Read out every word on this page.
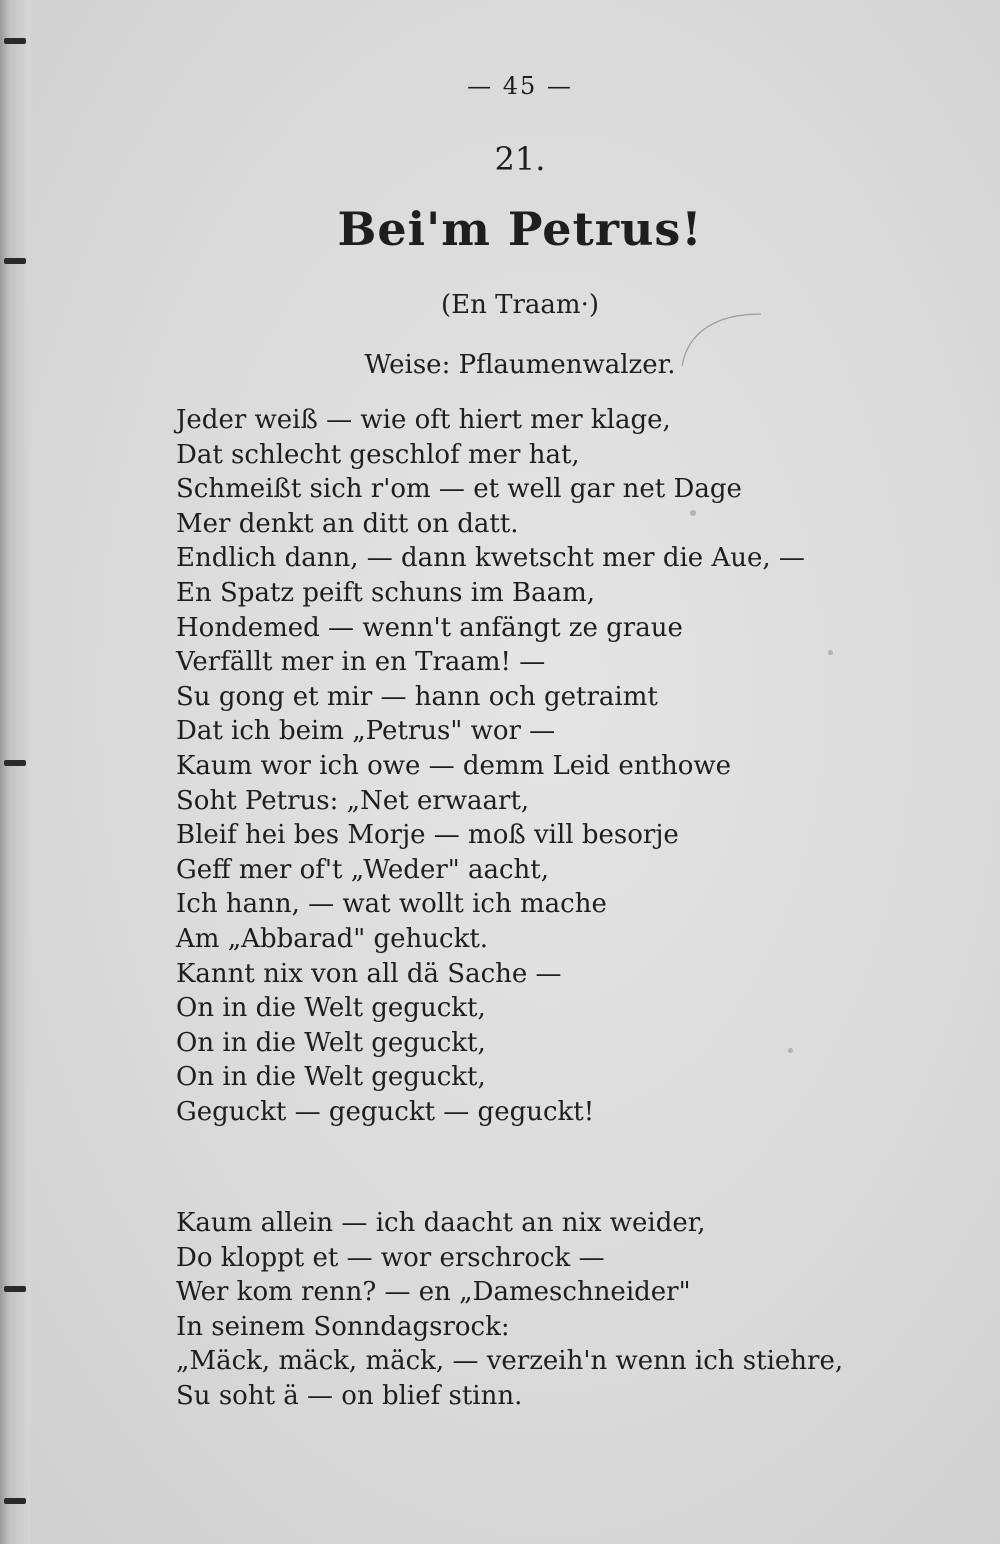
— 45 —
21.
Bei'm Petrus!
(En Traam·)
Weise: Pflaumenwalzer.
Jeder weiß — wie oft hiert mer klage,
Dat schlecht geschlof mer hat,
Schmeißt sich r'om — et well gar net Dage
Mer denkt an ditt on datt.
Endlich dann, — dann kwetscht mer die Aue, —
En Spatz peift schuns im Baam,
Hondemed — wenn't anfängt ze graue
Verfällt mer in en Traam! —
Su gong et mir — hann och getraimt
Dat ich beim „Petrus" wor —
Kaum wor ich owe — demm Leid enthowe
Soht Petrus: „Net erwaart,
Bleif hei bes Morje — moß vill besorje
Geff mer of't „Weder" aacht,
Ich hann, — wat wollt ich mache
Am „Abbarad" gehuckt.
Kannt nix von all dä Sache —
On in die Welt geguckt,
On in die Welt geguckt,
On in die Welt geguckt,
Geguckt — geguckt — geguckt!
Kaum allein — ich daacht an nix weider,
Do kloppt et — wor erschrock —
Wer kom renn? — en „Dameschneider"
In seinem Sonndagsrock:
„Mäck, mäck, mäck, — verzeih'n wenn ich stiehre,
Su soht ä — on blief stinn.
